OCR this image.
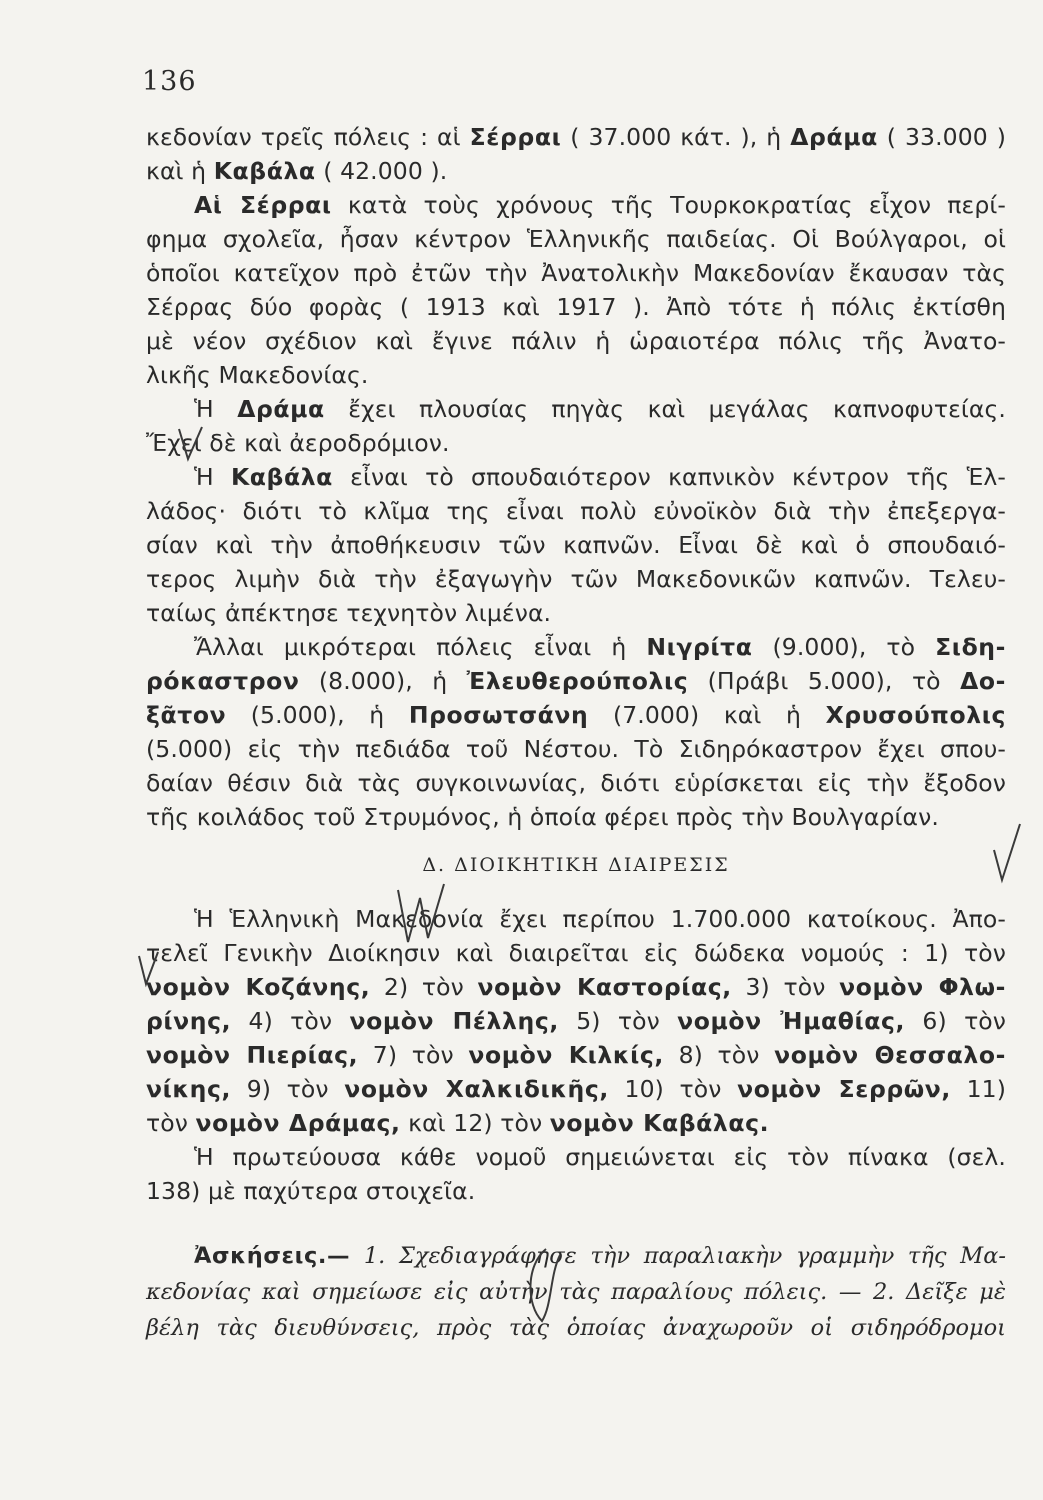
136
κεδονίαν τρεῖς πόλεις : αἱ Σέρραι ( 37.000 κάτ. ), ἡ Δράμα ( 33.000 )
καὶ ἡ Καβάλα ( 42.000 ).
Αἱ Σέρραι κατὰ τοὺς χρόνους τῆς Τουρκοκρατίας εἶχον περί-
φημα σχολεῖα, ἦσαν κέντρον Ἑλληνικῆς παιδείας. Οἱ Βούλγαροι, οἱ
ὁποῖοι κατεῖχον πρὸ ἐτῶν τὴν Ἀνατολικὴν Μακεδονίαν ἔκαυσαν τὰς
Σέρρας δύο φορὰς ( 1913 καὶ 1917 ). Ἀπὸ τότε ἡ πόλις ἐκτίσθη
μὲ νέον σχέδιον καὶ ἔγινε πάλιν ἡ ὡραιοτέρα πόλις τῆς Ἀνατο-
λικῆς Μακεδονίας.
Ἡ Δράμα ἔχει πλουσίας πηγὰς καὶ μεγάλας καπνοφυτείας.
Ἔχει δὲ καὶ ἀεροδρόμιον.
Ἡ Καβάλα εἶναι τὸ σπουδαιότερον καπνικὸν κέντρον τῆς Ἑλ-
λάδος· διότι τὸ κλῖμα της εἶναι πολὺ εὐνοϊκὸν διὰ τὴν ἐπεξεργα-
σίαν καὶ τὴν ἀποθήκευσιν τῶν καπνῶν. Εἶναι δὲ καὶ ὁ σπουδαιό-
τερος λιμὴν διὰ τὴν ἐξαγωγὴν τῶν Μακεδονικῶν καπνῶν. Τελευ-
ταίως ἀπέκτησε τεχνητὸν λιμένα.
Ἄλλαι μικρότεραι πόλεις εἶναι ἡ Νιγρίτα (9.000), τὸ Σιδη-
ρόκαστρον (8.000), ἡ Ἐλευθερούπολις (Πράβι 5.000), τὸ Δο-
ξᾶτον (5.000), ἡ Προσωτσάνη (7.000) καὶ ἡ Χρυσούπολις
(5.000) εἰς τὴν πεδιάδα τοῦ Νέστου. Τὸ Σιδηρόκαστρον ἔχει σπου-
δαίαν θέσιν διὰ τὰς συγκοινωνίας, διότι εὑρίσκεται εἰς τὴν ἔξοδον
τῆς κοιλάδος τοῦ Στρυμόνος, ἡ ὁποία φέρει πρὸς τὴν Βουλγαρίαν.
Δ. ΔΙΟΙΚΗΤΙΚΗ ΔΙΑΙΡΕΣΙΣ
Ἡ Ἑλληνικὴ Μακεδονία ἔχει περίπου 1.700.000 κατοίκους. Ἀπο-
τελεῖ Γενικὴν Διοίκησιν καὶ διαιρεῖται εἰς δώδεκα νομούς : 1) τὸν
νομὸν Κοζάνης, 2) τὸν νομὸν Καστορίας, 3) τὸν νομὸν Φλω-
ρίνης, 4) τὸν νομὸν Πέλλης, 5) τὸν νομὸν Ἠμαθίας, 6) τὸν
νομὸν Πιερίας, 7) τὸν νομὸν Κιλκίς, 8) τὸν νομὸν Θεσσαλο-
νίκης, 9) τὸν νομὸν Χαλκιδικῆς, 10) τὸν νομὸν Σερρῶν, 11)
τὸν νομὸν Δράμας, καὶ 12) τὸν νομὸν Καβάλας.
Ἡ πρωτεύουσα κάθε νομοῦ σημειώνεται εἰς τὸν πίνακα (σελ.
138) μὲ παχύτερα στοιχεῖα.
Ἀσκήσεις.— 1. Σχεδιαγράφησε τὴν παραλιακὴν γραμμὴν τῆς Μα-
κεδονίας καὶ σημείωσε εἰς αὐτὴν τὰς παραλίους πόλεις. — 2. Δεῖξε μὲ
βέλη τὰς διευθύνσεις, πρὸς τὰς ὁποίας ἀναχωροῦν οἱ σιδηρόδρομοι
